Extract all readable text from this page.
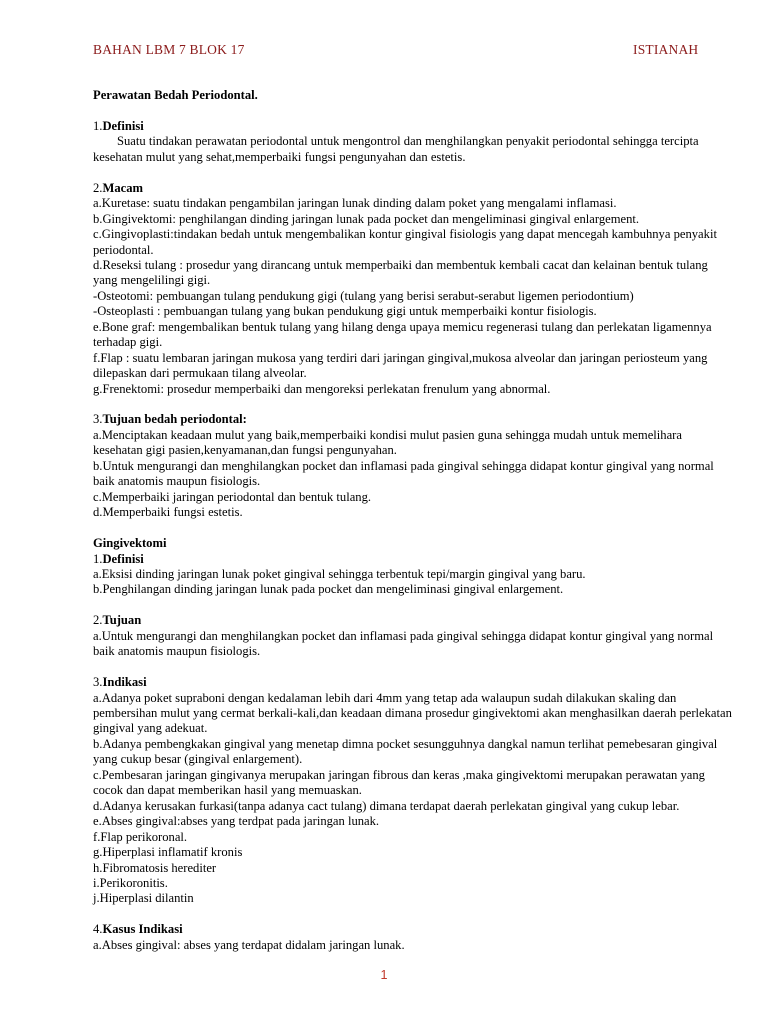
BAHAN LBM 7 BLOK 17	ISTIANAH

Perawatan Bedah Periodontal.

1.Definisi

Suatu tindakan perawatan periodontal untuk mengontrol dan menghilangkan penyakit periodontal sehingga tercipta kesehatan mulut yang sehat,memperbaiki fungsi pengunyahan dan estetis.

2.Macam

a.Kuretase: suatu tindakan pengambilan jaringan lunak dinding dalam poket yang mengalami inflamasi.

b.Gingivektomi: penghilangan dinding jaringan lunak pada pocket dan mengeliminasi gingival enlargement.

c.Gingivoplasti:tindakan bedah untuk mengembalikan kontur gingival fisiologis yang dapat mencegah kambuhnya penyakit periodontal.

d.Reseksi tulang : prosedur yang dirancang untuk memperbaiki dan membentuk kembali cacat dan kelainan bentuk tulang yang mengelilingi gigi.

-Osteotomi: pembuangan tulang pendukung gigi (tulang yang berisi serabut-serabut ligemen periodontium)

-Osteoplasti : pembuangan tulang yang bukan pendukung gigi untuk memperbaiki kontur fisiologis.

e.Bone graf: mengembalikan bentuk tulang yang hilang denga upaya memicu regenerasi tulang dan perlekatan ligamennya terhadap gigi.

f.Flap : suatu lembaran jaringan mukosa yang terdiri dari jaringan gingival,mukosa alveolar dan jaringan periosteum yang dilepaskan dari permukaan tilang alveolar.

g.Frenektomi: prosedur memperbaiki dan mengoreksi perlekatan frenulum yang abnormal.

3.Tujuan bedah periodontal:

a.Menciptakan keadaan mulut yang baik,memperbaiki kondisi mulut pasien guna sehingga mudah untuk memelihara kesehatan gigi pasien,kenyamanan,dan fungsi pengunyahan.

b.Untuk mengurangi dan menghilangkan pocket dan inflamasi pada gingival sehingga didapat kontur gingival yang normal baik anatomis maupun fisiologis.

c.Memperbaiki jaringan periodontal dan bentuk tulang.

d.Memperbaiki fungsi estetis.

Gingivektomi

1.Definisi

a.Eksisi dinding jaringan lunak poket gingival sehingga terbentuk tepi/margin gingival yang baru.

b.Penghilangan dinding jaringan lunak pada pocket dan mengeliminasi gingival enlargement.

2.Tujuan

a.Untuk mengurangi dan menghilangkan pocket dan inflamasi pada gingival sehingga didapat kontur gingival yang normal baik anatomis maupun fisiologis.

3.Indikasi

a.Adanya poket supraboni dengan kedalaman lebih dari 4mm yang tetap ada walaupun sudah dilakukan skaling dan pembersihan mulut yang cermat berkali-kali,dan keadaan dimana prosedur gingivektomi akan menghasilkan daerah perlekatan gingival yang adekuat.

b.Adanya pembengkakan gingival yang menetap dimna pocket sesungguhnya dangkal namun terlihat pemebesaran gingival yang cukup besar (gingival enlargement).

c.Pembesaran jaringan gingivanya merupakan jaringan fibrous dan keras ,maka gingivektomi merupakan perawatan yang cocok dan dapat memberikan hasil yang memuaskan.

d.Adanya kerusakan furkasi(tanpa adanya cact tulang) dimana terdapat daerah perlekatan gingival yang cukup lebar.

e.Abses gingival:abses yang terdpat pada jaringan lunak.

f.Flap perikoronal.

g.Hiperplasi inflamatif kronis

h.Fibromatosis herediter

i.Perikoronitis.

j.Hiperplasi dilantin

4.Kasus Indikasi

a.Abses gingival: abses yang terdapat didalam jaringan lunak.

1
